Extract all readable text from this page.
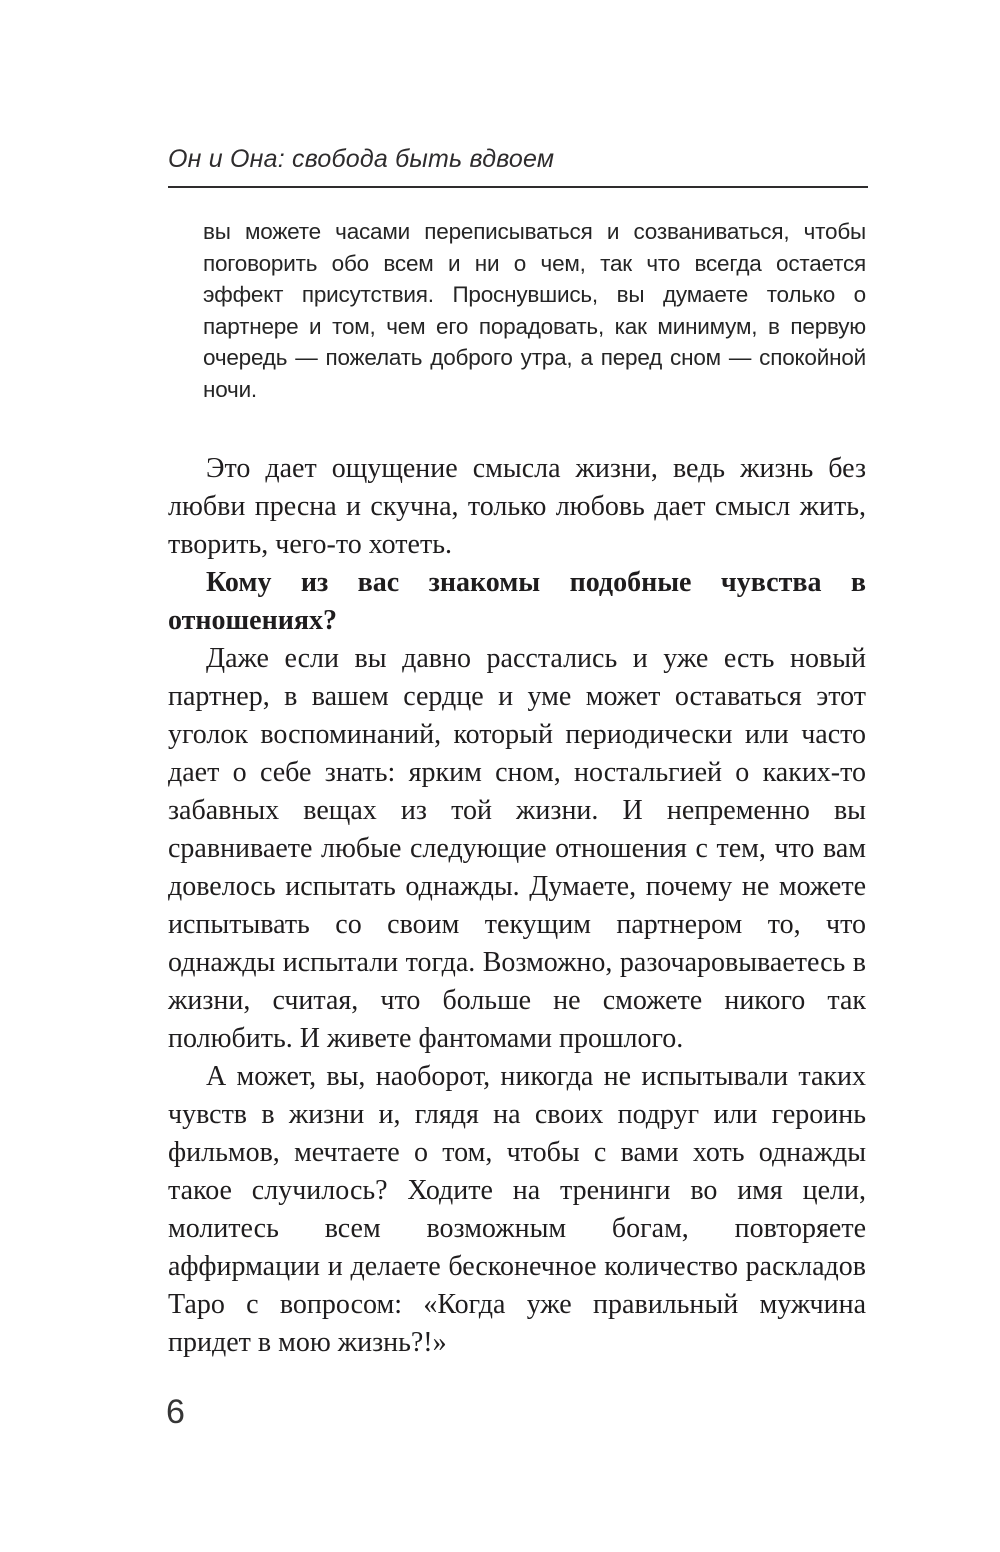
Он и Она: свобода быть вдвоем
вы можете часами переписываться и созваниваться, чтобы поговорить обо всем и ни о чем, так что всегда остается эффект присутствия. Проснувшись, вы думаете только о партнере и том, чем его порадовать, как минимум, в первую очередь — пожелать доброго утра, а перед сном — спокойной ночи.

Это дает ощущение смысла жизни, ведь жизнь без любви пресна и скучна, только любовь дает смысл жить, творить, чего-то хотеть.

Кому из вас знакомы подобные чувства в отношениях?

Даже если вы давно расстались и уже есть новый партнер, в вашем сердце и уме может оставаться этот уголок воспоминаний, который периодически или часто дает о себе знать: ярким сном, ностальгией о каких-то забавных вещах из той жизни. И непременно вы сравниваете любые следующие отношения с тем, что вам довелось испытать однажды. Думаете, почему не можете испытывать со своим текущим партнером то, что однажды испытали тогда. Возможно, разочаровываетесь в жизни, считая, что больше не сможете никого так полюбить. И живете фантомами прошлого.

А может, вы, наоборот, никогда не испытывали таких чувств в жизни и, глядя на своих подруг или героинь фильмов, мечтаете о том, чтобы с вами хоть однажды такое случилось? Ходите на тренинги во имя цели, молитесь всем возможным богам, повторяете аффирмации и делаете бесконечное количество раскладов Таро с вопросом: «Когда уже правильный мужчина придет в мою жизнь?!»

6
